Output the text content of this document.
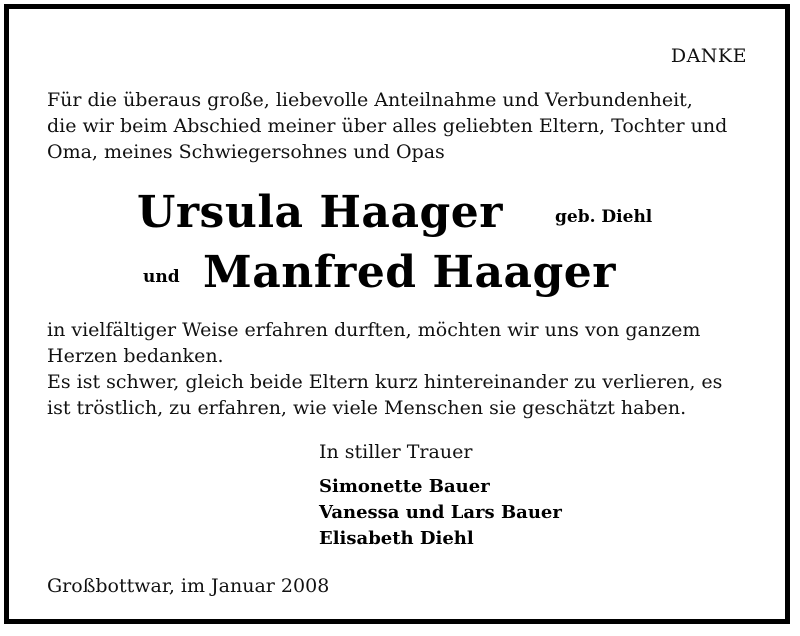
DANKE
Für die überaus große, liebevolle Anteilnahme und Verbundenheit,
die wir beim Abschied meiner über alles geliebten Eltern, Tochter und
Oma, meines Schwiegersohnes und Opas
Ursula Haager	geb. Diehl
und Manfred Haager
in vielfältiger Weise erfahren durften, möchten wir uns von ganzem
Herzen bedanken.
Es ist schwer, gleich beide Eltern kurz hintereinander zu verlieren, es
ist tröstlich, zu erfahren, wie viele Menschen sie geschätzt haben.
In stiller Trauer
Simonette Bauer
Vanessa und Lars Bauer
Elisabeth Diehl
Großbottwar, im Januar 2008
